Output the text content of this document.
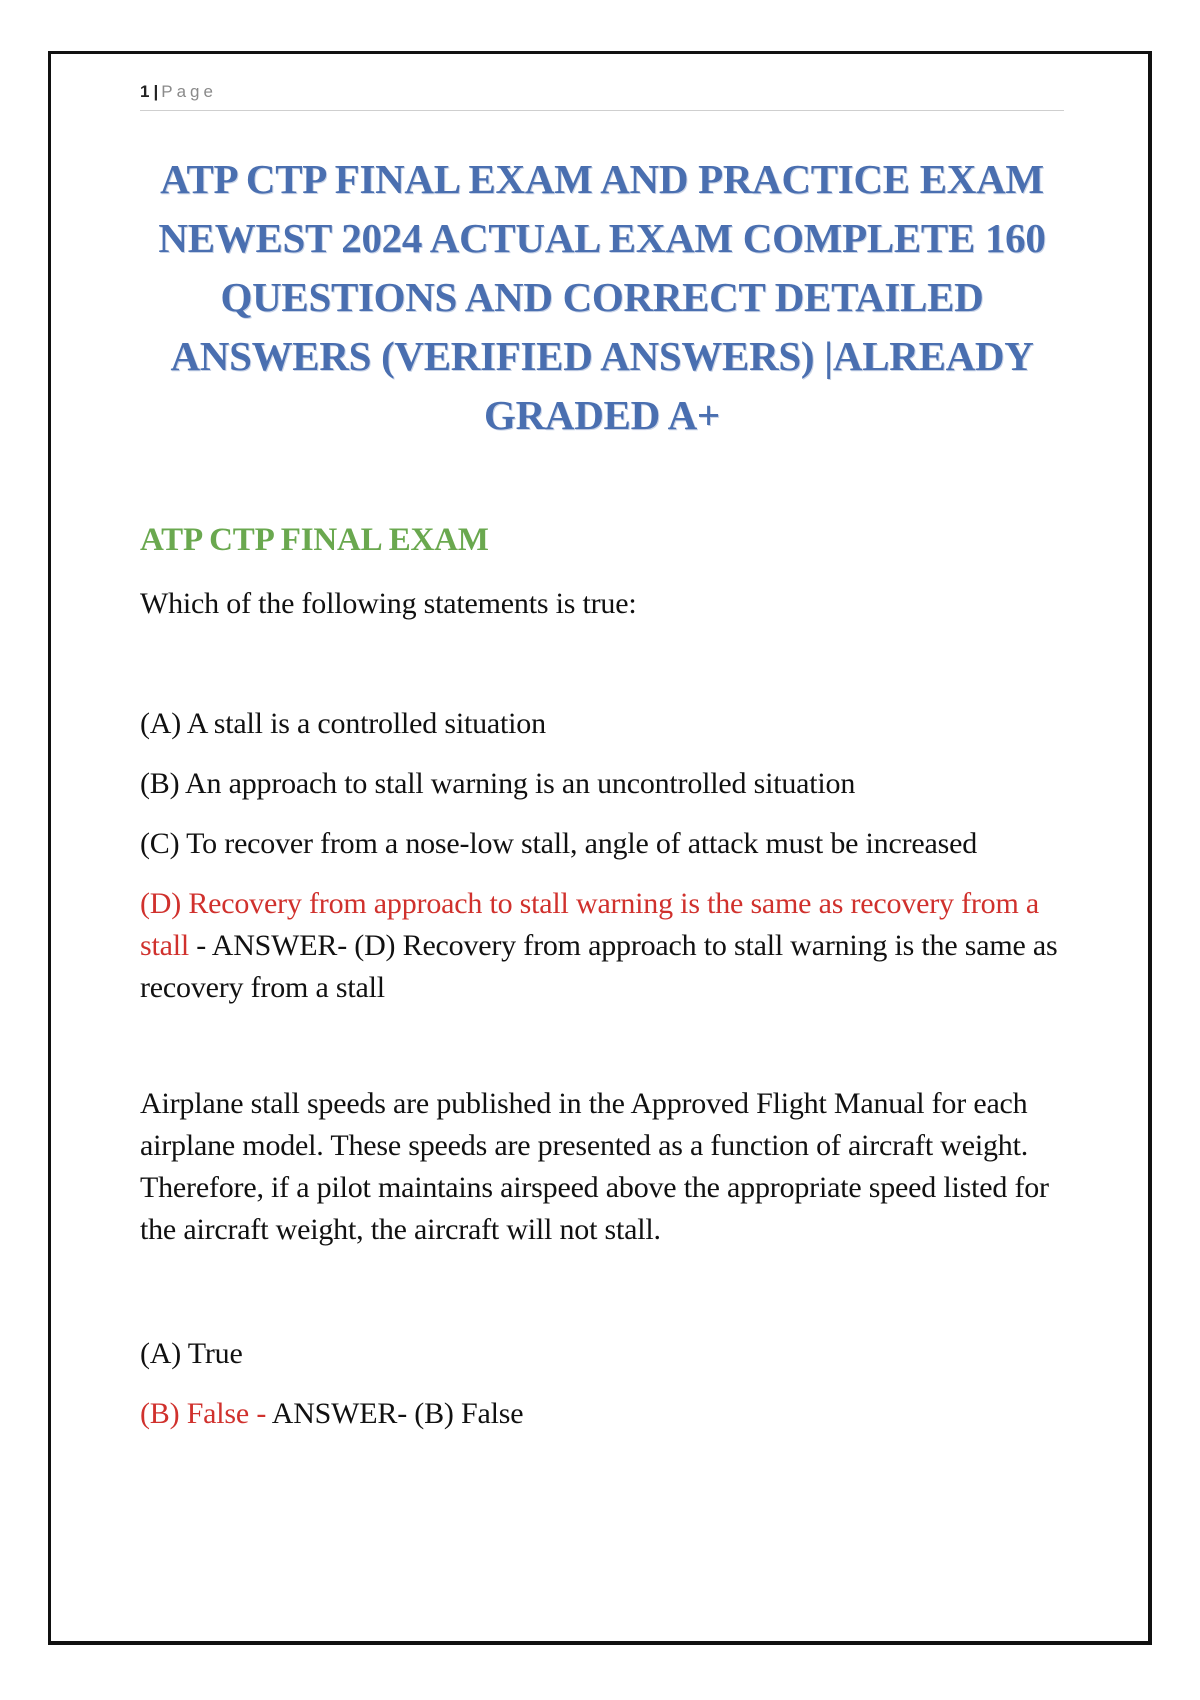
1 | Page
ATP CTP FINAL EXAM AND PRACTICE EXAM NEWEST 2024 ACTUAL EXAM COMPLETE 160 QUESTIONS AND CORRECT DETAILED ANSWERS (VERIFIED ANSWERS) |ALREADY GRADED A+
ATP CTP FINAL EXAM

Which of the following statements is true:

(A) A stall is a controlled situation

(B) An approach to stall warning is an uncontrolled situation

(C) To recover from a nose-low stall, angle of attack must be increased

(D) Recovery from approach to stall warning is the same as recovery from a stall - ANSWER- (D) Recovery from approach to stall warning is the same as recovery from a stall

Airplane stall speeds are published in the Approved Flight Manual for each airplane model. These speeds are presented as a function of aircraft weight. Therefore, if a pilot maintains airspeed above the appropriate speed listed for the aircraft weight, the aircraft will not stall.

(A) True

(B) False - ANSWER- (B) False
